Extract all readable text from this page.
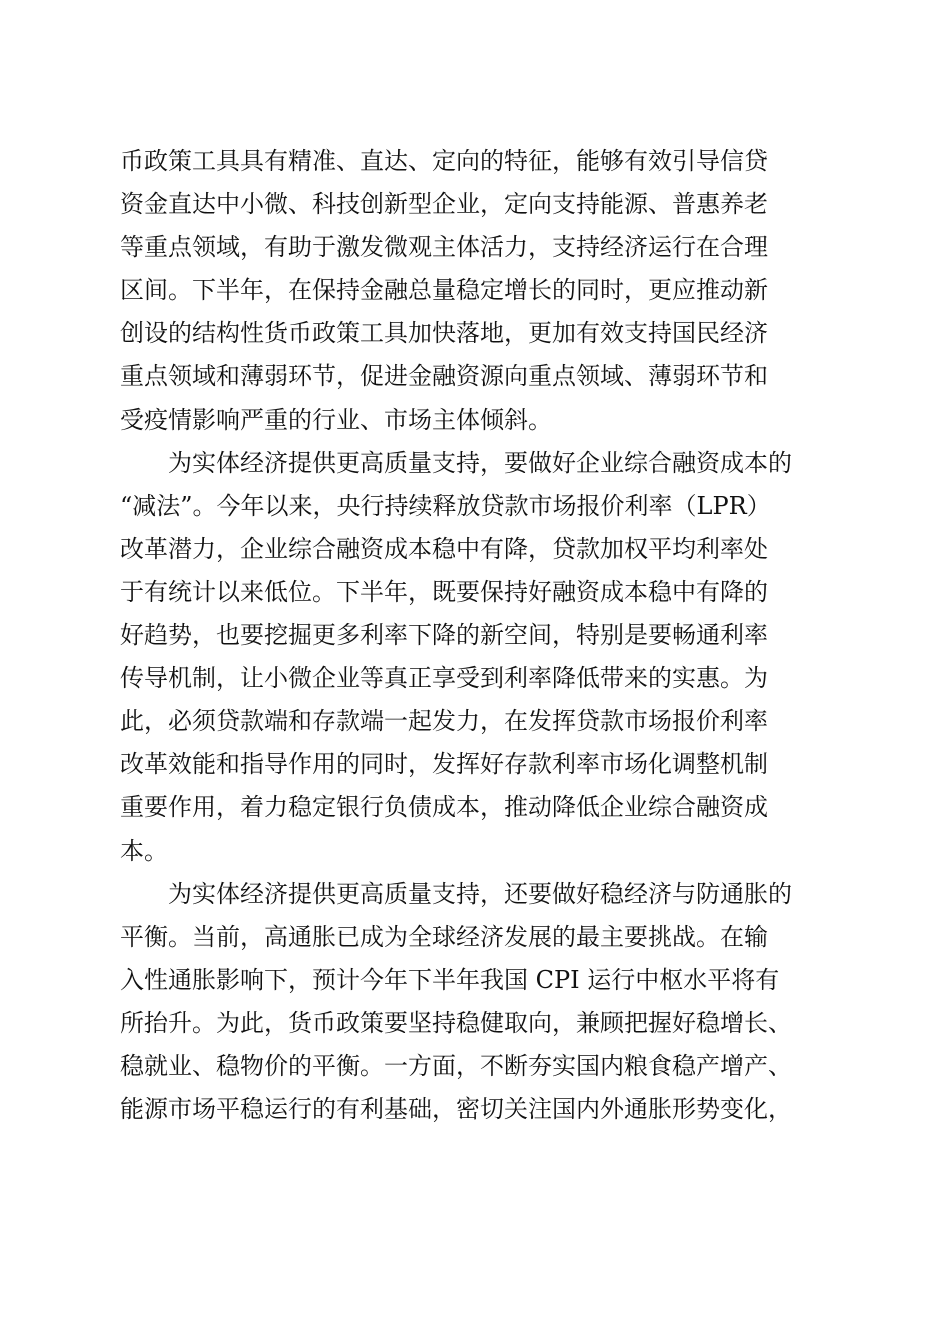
币政策工具具有精准、直达、定向的特征，能够有效引导信贷
资金直达中小微、科技创新型企业，定向支持能源、普惠养老
等重点领域，有助于激发微观主体活力，支持经济运行在合理
区间。下半年，在保持金融总量稳定增长的同时，更应推动新
创设的结构性货币政策工具加快落地，更加有效支持国民经济
重点领域和薄弱环节，促进金融资源向重点领域、薄弱环节和
受疫情影响严重的行业、市场主体倾斜。
　　为实体经济提供更高质量支持，要做好企业综合融资成本的
“减法”。今年以来，央行持续释放贷款市场报价利率（LPR）
改革潜力，企业综合融资成本稳中有降，贷款加权平均利率处
于有统计以来低位。下半年，既要保持好融资成本稳中有降的
好趋势，也要挖掘更多利率下降的新空间，特别是要畅通利率
传导机制，让小微企业等真正享受到利率降低带来的实惠。为
此，必须贷款端和存款端一起发力，在发挥贷款市场报价利率
改革效能和指导作用的同时，发挥好存款利率市场化调整机制
重要作用，着力稳定银行负债成本，推动降低企业综合融资成
本。
　　为实体经济提供更高质量支持，还要做好稳经济与防通胀的
平衡。当前，高通胀已成为全球经济发展的最主要挑战。在输
入性通胀影响下，预计今年下半年我国 CPI 运行中枢水平将有
所抬升。为此，货币政策要坚持稳健取向，兼顾把握好稳增长、
稳就业、稳物价的平衡。一方面，不断夯实国内粮食稳产增产、
能源市场平稳运行的有利基础，密切关注国内外通胀形势变化，
